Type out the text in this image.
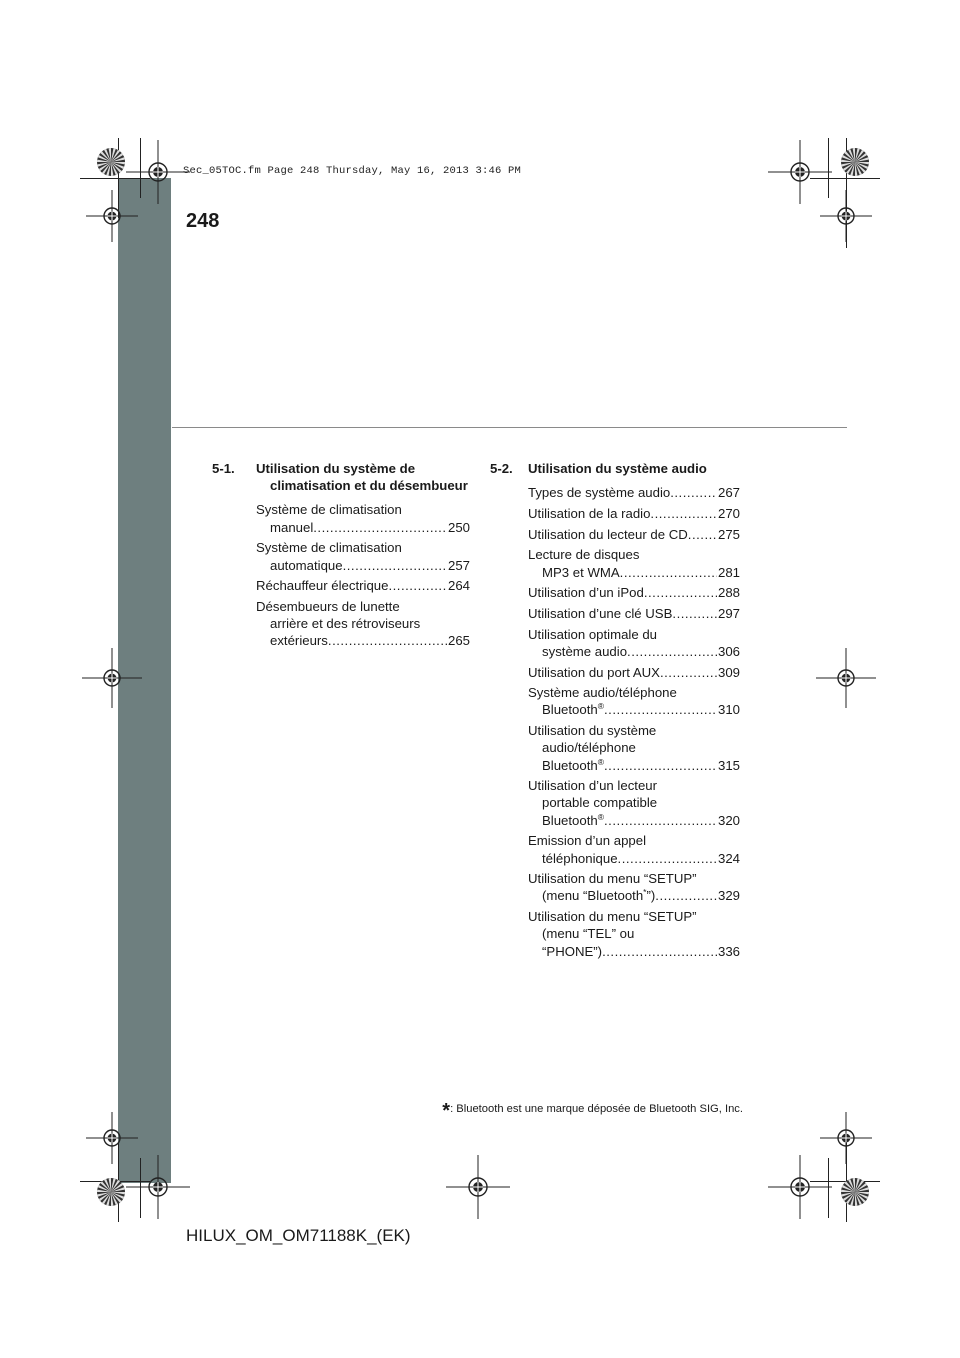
Sec_05TOC.fm Page 248 Thursday, May 16, 2013 3:46 PM
248
5-1.	Utilisation du système de
climatisation et du désembueur
Système de climatisation
manuel .....	250
Système de climatisation
automatique .....	257
Réchauffeur électrique .....	264
Désembueurs de lunette
arrière et des rétroviseurs
extérieurs .....	265
5-2.	Utilisation du système audio
Types de système audio .....	267
Utilisation de la radio .....	270
Utilisation du lecteur de CD ..... 275
Lecture de disques
MP3 et WMA .....	281
Utilisation d’un iPod .....	288
Utilisation d’une clé USB .....	297
Utilisation optimale du
système audio .....	306
Utilisation du port AUX .....	309
Système audio/téléphone
Bluetooth® .....	310
Utilisation du système
audio/téléphone
Bluetooth® .....	315
Utilisation d’un lecteur
portable compatible
Bluetooth® .....	320
Emission d’un appel
téléphonique .....	324
Utilisation du menu “SETUP”
(menu “Bluetooth*”) .....	329
Utilisation du menu “SETUP”
(menu “TEL” ou
“PHONE”) .....	336
*: Bluetooth est une marque déposée de Bluetooth SIG, Inc.
HILUX_OM_OM71188K_(EK)
